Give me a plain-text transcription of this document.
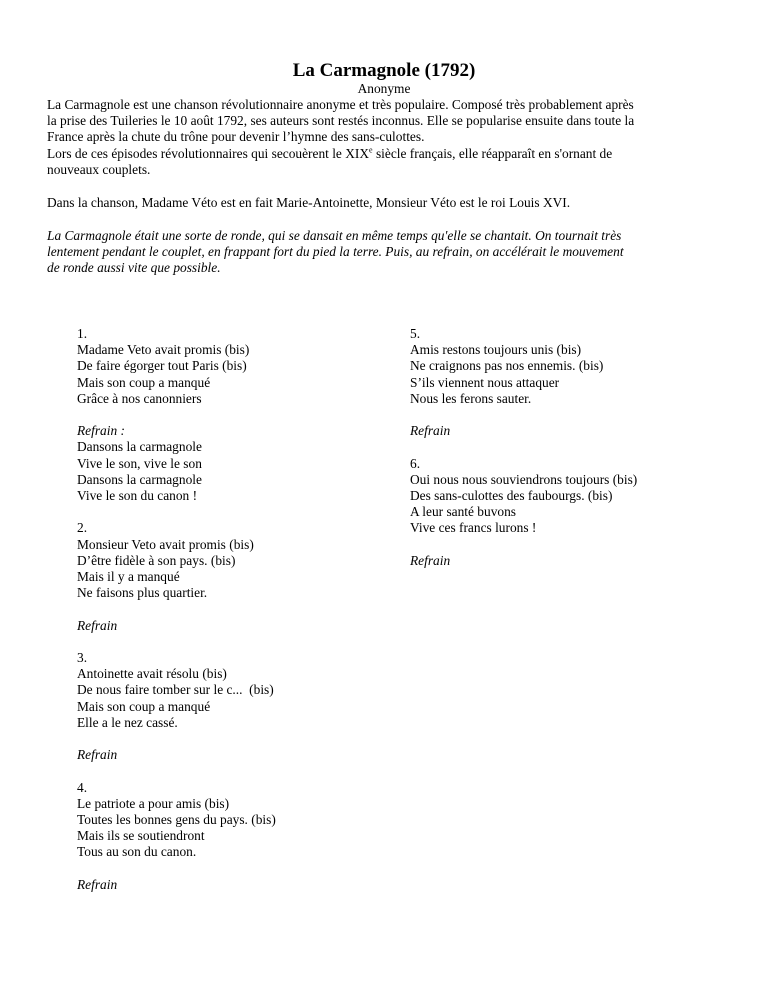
La Carmagnole (1792)
Anonyme
La Carmagnole est une chanson révolutionnaire anonyme et très populaire. Composé très probablement après
la prise des Tuileries le 10 août 1792, ses auteurs sont restés inconnus. Elle se popularise ensuite dans toute la
France après la chute du trône pour devenir l’hymne des sans-culottes.
Lors de ces épisodes révolutionnaires qui secouèrent le XIXe siècle français, elle réapparaît en s'ornant de
nouveaux couplets.
Dans la chanson, Madame Véto est en fait Marie-Antoinette, Monsieur Véto est le roi Louis XVI.
La Carmagnole était une sorte de ronde, qui se dansait en même temps qu'elle se chantait. On tournait très
lentement pendant le couplet, en frappant fort du pied la terre. Puis, au refrain, on accélérait le mouvement
de ronde aussi vite que possible.
1.
Madame Veto avait promis (bis)
De faire égorger tout Paris (bis)
Mais son coup a manqué
Grâce à nos canonniers
Refrain :
Dansons la carmagnole
Vive le son, vive le son
Dansons la carmagnole
Vive le son du canon !
2.
Monsieur Veto avait promis (bis)
D’être fidèle à son pays. (bis)
Mais il y a manqué
Ne faisons plus quartier.
Refrain
3.
Antoinette avait résolu (bis)
De nous faire tomber sur le c...  (bis)
Mais son coup a manqué
Elle a le nez cassé.
Refrain
4.
Le patriote a pour amis (bis)
Toutes les bonnes gens du pays. (bis)
Mais ils se soutiendront
Tous au son du canon.
Refrain
5.
Amis restons toujours unis (bis)
Ne craignons pas nos ennemis. (bis)
S’ils viennent nous attaquer
Nous les ferons sauter.
Refrain
6.
Oui nous nous souviendrons toujours (bis)
Des sans-culottes des faubourgs. (bis)
A leur santé buvons
Vive ces francs lurons !
Refrain
